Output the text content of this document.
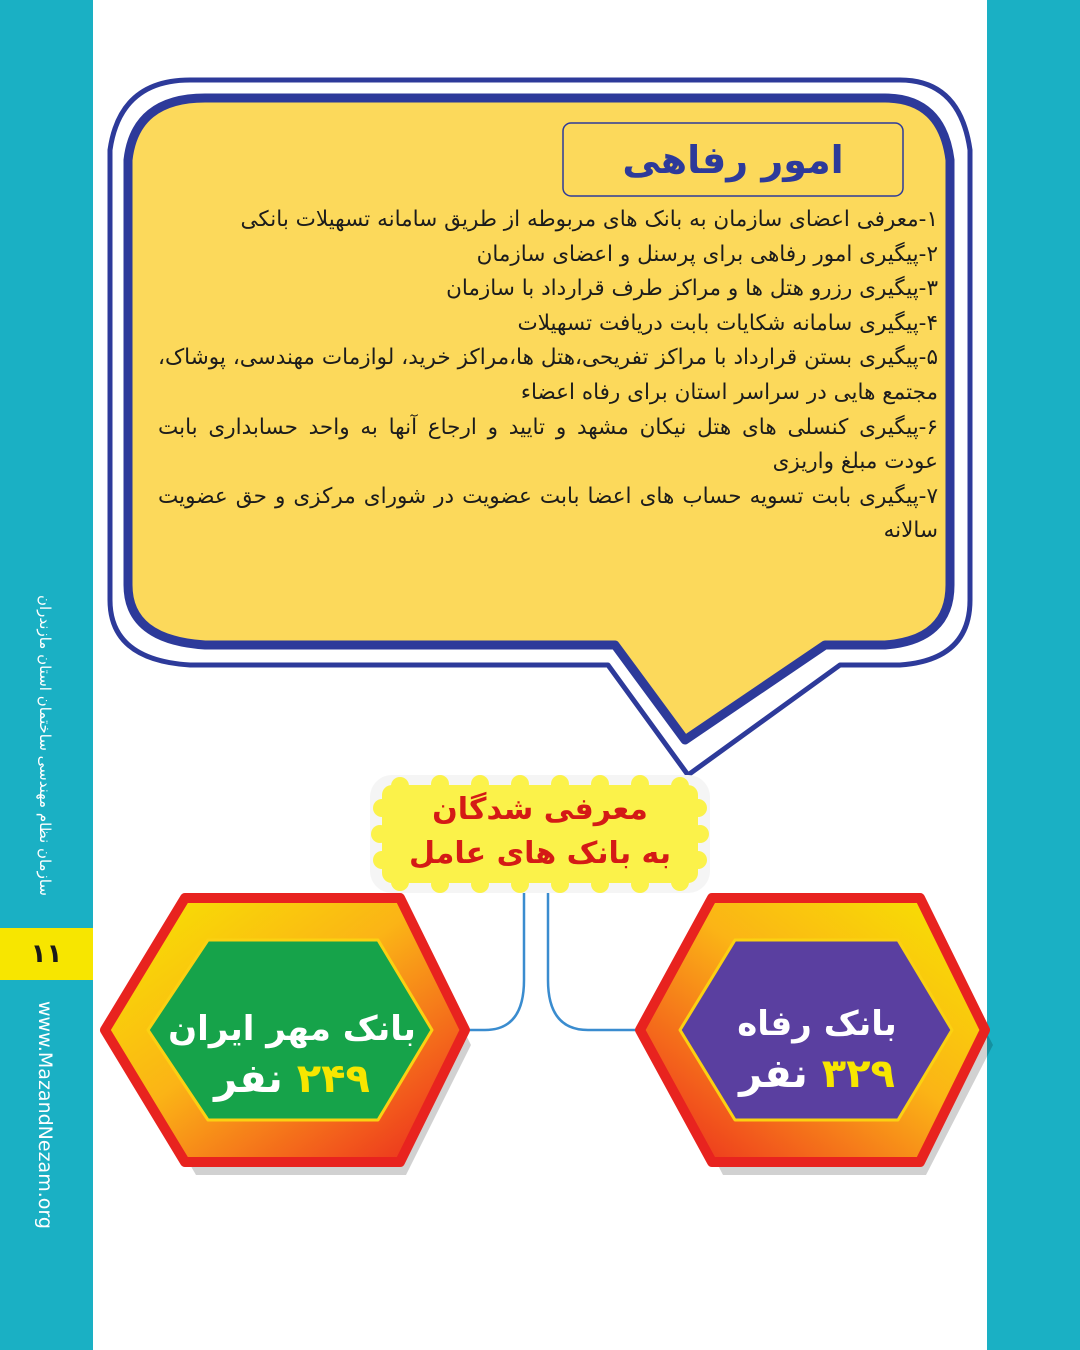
سازمان نظام مهندسی ساختمان استان مازندران
۱۱
www.MazandNezam.org
امور رفاهی
۱-معرفی اعضای سازمان به بانک های مربوطه از طریق سامانه تسهیلات بانکی
۲-پیگیری امور رفاهی برای پرسنل و اعضای سازمان
۳-پیگیری رزرو هتل ها و مراکز طرف قرارداد با سازمان
۴-پیگیری سامانه شکایات بابت دریافت تسهیلات
۵-پیگیری بستن قرارداد با مراکز تفریحی،هتل ها،مراکز خرید، لوازمات مهندسی، پوشاک، مجتمع هایی در سراسر استان برای رفاه اعضاء
۶-پیگیری کنسلی های هتل نیکان مشهد و تایید و ارجاع آنها به واحد حسابداری بابت عودت مبلغ واریزی
۷-پیگیری بابت تسویه حساب های اعضا بابت عضویت در شورای مرکزی و حق عضویت سالانه
معرفی شدگان
به بانک های عامل
بانک مهر ایران
۲۴۹ نفر
بانک رفاه
۳۲۹ نفر
